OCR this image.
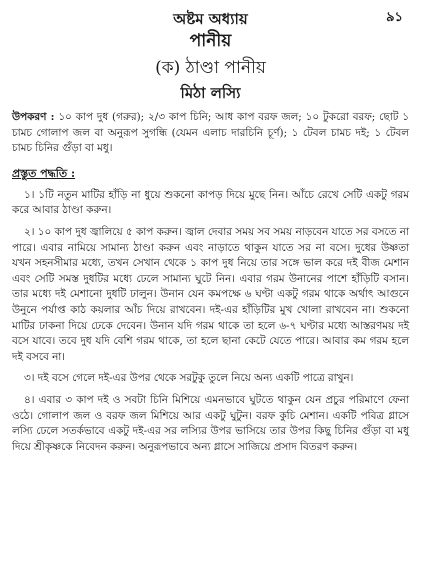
অষ্টম অধ্যায়	৯১
পানীয়
(ক) ঠাণ্ডা পানীয়
মিঠা লস্যি

উপকরণ : ১০ কাপ দুধ (গরুর); ২/৩ কাপ চিনি; আধ কাপ বরফ জল; ১০ টুকরো বরফ; ছোট ১ চামচ গোলাপ জল বা অনুরূপ সুগন্ধি (যেমন এলাচ দারচিনি চূর্ণ); ১ টেবল চামচ দই; ১ টেবল চামচ চিনির গুঁড়া বা মধু।

প্রস্তুত পদ্ধতি :

১। ১টি নতুন মাটির হাঁড়ি না ধুয়ে শুকনো কাপড় দিয়ে মুছে নিন। আঁচে রেখে সেটি একটু গরম করে আবার ঠাণ্ডা করুন।

২। ১০ কাপ দুধ জ্বালিয়ে ৫ কাপ করুন। জ্বাল দেবার সময় সব সময় নাড়বেন যাতে সর বসতে না পারে। এবার নামিয়ে সামান্য ঠাণ্ডা করুন এবং নাড়াতে থাকুন যাতে সর না বসে। দুধের উষ্ণতা যখন সহনসীমার মধ্যে, তখন সেখান থেকে ১ কাপ দুধ নিয়ে তার সঙ্গে ভাল করে দই বীজ মেশান এবং সেটি সমস্ত দুধটির মধ্যে ঢেলে সামান্য ঘুটে নিন। এবার গরম উনানের পাশে হাঁড়িটি বসান। তার মধ্যে দই মেশানো দুধটি ঢালুন। উনান যেন কমপক্ষে ৬ ঘণ্টা একটু গরম থাকে অর্থাৎ আগুনে উনুনে পর্যাপ্ত কাঠ কয়লার আঁচ দিয়ে রাখবেন। দই-এর হাঁড়িটির মুখ খোলা রাখবেন না। শুকনো মাটির ঢাকনা দিয়ে ঢেকে দেবেন। উনান যদি গরম থাকে তা হলে ৬-৭ ঘণ্টার মধ্যে আস্তরণময় দই বসে যাবে। তবে দুধ যদি বেশি গরম থাকে, তা হলে ছানা কেটে যেতে পারে। আবার কম গরম হলে দই বসবে না।

৩। দই বসে গেলে দই-এর উপর থেকে সরটুকু তুলে নিয়ে অন্য একটি পাত্রে রাখুন।

৪। এবার ৩ কাপ দই ও সবটা চিনি মিশিয়ে এমনভাবে ঘুটতে থাকুন যেন প্রচুর পরিমাণে ফেনা ওঠে। গোলাপ জল ও বরফ জল মিশিয়ে আর একটু ঘুটুন। বরফ কুচি মেশান। একটি পবিত্র গ্লাসে লস্যি ঢেলে সতর্কভাবে একটু দই-এর সর লস্যির উপর ভাসিয়ে তার উপর কিছু চিনির গুঁড়া বা মধু দিয়ে শ্রীকৃষ্ণকে নিবেদন করুন। অনুরূপভাবে অন্য গ্লাসে সাজিয়ে প্রসাদ বিতরণ করুন।
